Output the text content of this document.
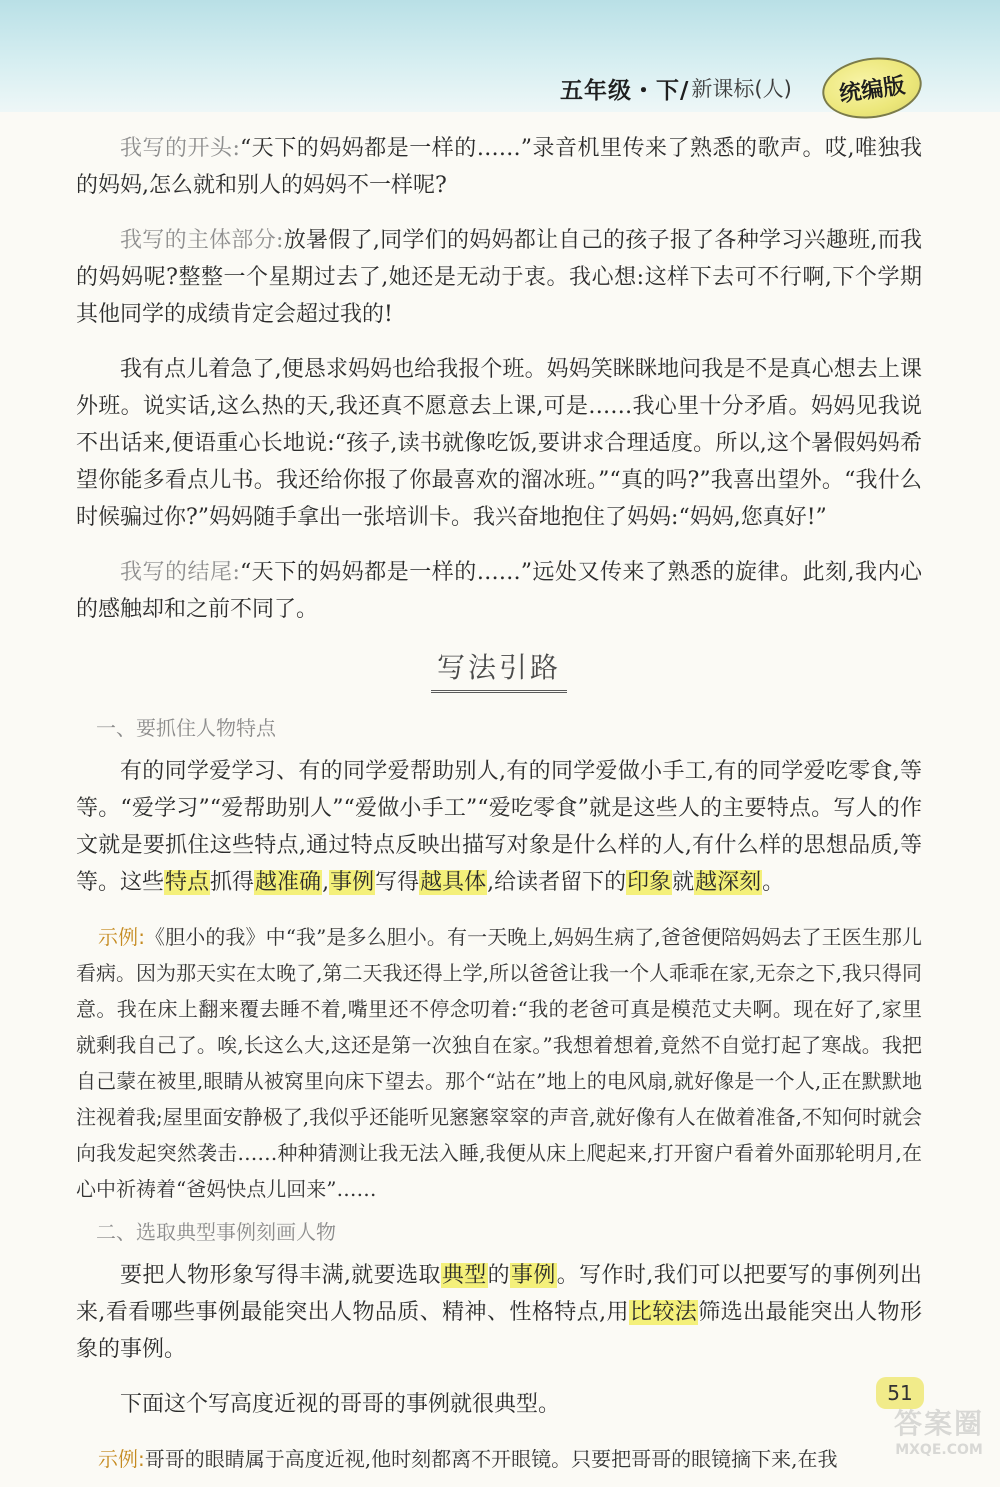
五年级・下/ 新课标(人) 统编版

我写的开头:“天下的妈妈都是一样的……”录音机里传来了熟悉的歌声。哎,唯独我的妈妈,怎么就和别人的妈妈不一样呢?

我写的主体部分:放暑假了,同学们的妈妈都让自己的孩子报了各种学习兴趣班,而我的妈妈呢?整整一个星期过去了,她还是无动于衷。我心想:这样下去可不行啊,下个学期其他同学的成绩肯定会超过我的!

我有点儿着急了,便恳求妈妈也给我报个班。妈妈笑眯眯地问我是不是真心想去上课外班。说实话,这么热的天,我还真不愿意去上课,可是……我心里十分矛盾。妈妈见我说不出话来,便语重心长地说:“孩子,读书就像吃饭,要讲求合理适度。所以,这个暑假妈妈希望你能多看点儿书。我还给你报了你最喜欢的溜冰班。”“真的吗?”我喜出望外。“我什么时候骗过你?”妈妈随手拿出一张培训卡。我兴奋地抱住了妈妈:“妈妈,您真好!”

我写的结尾:“天下的妈妈都是一样的……”远处又传来了熟悉的旋律。此刻,我内心的感触却和之前不同了。

写法引路
一、要抓住人物特点

有的同学爱学习、有的同学爱帮助别人,有的同学爱做小手工,有的同学爱吃零食,等等。“爱学习”“爱帮助别人”“爱做小手工”“爱吃零食”就是这些人的主要特点。写人的作文就是要抓住这些特点,通过特点反映出描写对象是什么样的人,有什么样的思想品质,等等。这些特点抓得越准确,事例写得越具体,给读者留下的印象就越深刻。

示例:《胆小的我》中“我”是多么胆小。有一天晚上,妈妈生病了,爸爸便陪妈妈去了王医生那儿看病。因为那天实在太晚了,第二天我还得上学,所以爸爸让我一个人乖乖在家,无奈之下,我只得同意。我在床上翻来覆去睡不着,嘴里还不停念叨着:“我的老爸可真是模范丈夫啊。现在好了,家里就剩我自己了。唉,长这么大,这还是第一次独自在家。”我想着想着,竟然不自觉打起了寒战。我把自己蒙在被里,眼睛从被窝里向床下望去。那个“站在”地上的电风扇,就好像是一个人,正在默默地注视着我;屋里面安静极了,我似乎还能听见窸窸窣窣的声音,就好像有人在做着准备,不知何时就会向我发起突然袭击……种种猜测让我无法入睡,我便从床上爬起来,打开窗户看着外面那轮明月,在心中祈祷着“爸妈快点儿回来”……
二、选取典型事例刻画人物

要把人物形象写得丰满,就要选取典型的事例。写作时,我们可以把要写的事例列出来,看看哪些事例最能突出人物品质、精神、性格特点,用比较法筛选出最能突出人物形象的事例。

下面这个写高度近视的哥哥的事例就很典型。

示例:哥哥的眼睛属于高度近视,他时刻都离不开眼镜。只要把哥哥的眼镜摘下来,在我
51
答案圈
MXQE.COM
